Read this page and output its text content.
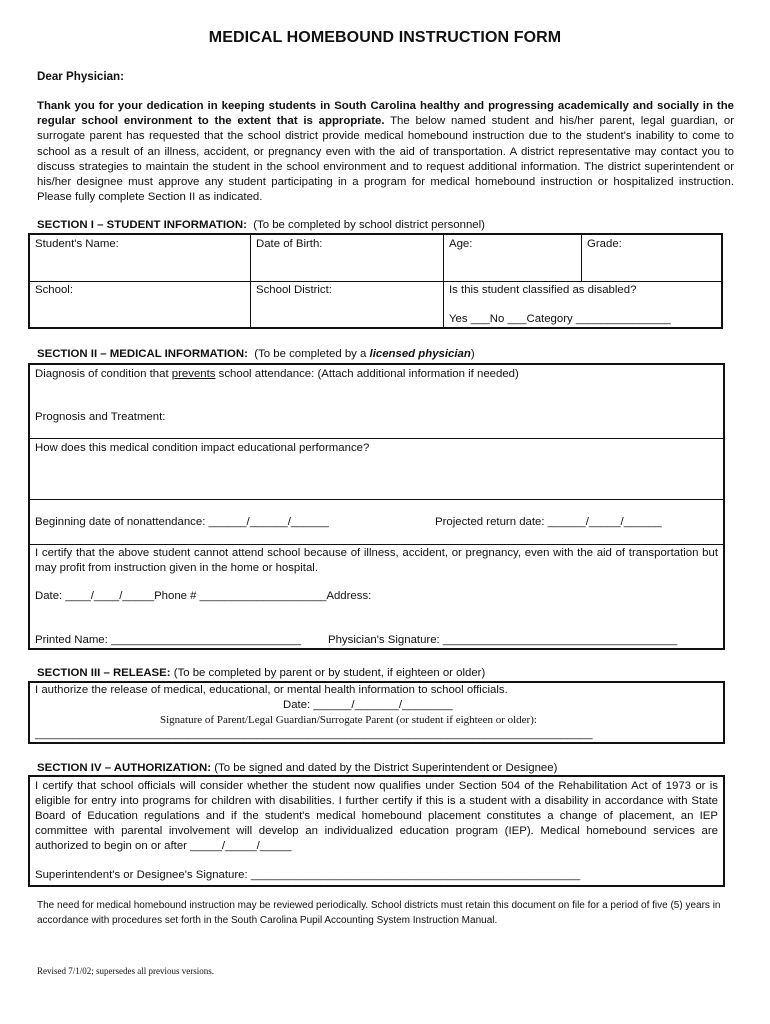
MEDICAL HOMEBOUND INSTRUCTION FORM
Dear Physician:
Thank you for your dedication in keeping students in South Carolina healthy and progressing academically and socially in the regular school environment to the extent that is appropriate. The below named student and his/her parent, legal guardian, or surrogate parent has requested that the school district provide medical homebound instruction due to the student's inability to come to school as a result of an illness, accident, or pregnancy even with the aid of transportation. A district representative may contact you to discuss strategies to maintain the student in the school environment and to request additional information. The district superintendent or his/her designee must approve any student participating in a program for medical homebound instruction or hospitalized instruction. Please fully complete Section II as indicated.
SECTION I – STUDENT INFORMATION: (To be completed by school district personnel)
Student's Name:	Date of Birth:	Age:	Grade:
School:	School District:	Is this student classified as disabled?
Yes ___No ___Category _______________
SECTION II – MEDICAL INFORMATION: (To be completed by a licensed physician)
Diagnosis of condition that prevents school attendance: (Attach additional information if needed)
Prognosis and Treatment:
How does this medical condition impact educational performance?
Beginning date of nonattendance: ______/______/______	Projected return date: ______/_____/______
I certify that the above student cannot attend school because of illness, accident, or pregnancy, even with the aid of transportation but may profit from instruction given in the home or hospital.
Date: ____/____/_____Phone # ____________________Address:
Printed Name: ______________________________ Physician's Signature: _____________________________________
SECTION III – RELEASE: (To be completed by parent or by student, if eighteen or older)
I authorize the release of medical, educational, or mental health information to school officials.
Date: ______/_______/________
Signature of Parent/Legal Guardian/Surrogate Parent (or student if eighteen or older):
________________________________________________________________________________________
SECTION IV – AUTHORIZATION: (To be signed and dated by the District Superintendent or Designee)
I certify that school officials will consider whether the student now qualifies under Section 504 of the Rehabilitation Act of 1973 or is eligible for entry into programs for children with disabilities. I further certify if this is a student with a disability in accordance with State Board of Education regulations and if the student's medical homebound placement constitutes a change of placement, an IEP committee with parental involvement will develop an individualized education program (IEP). Medical homebound services are authorized to begin on or after _____/_____/_____
Superintendent's or Designee's Signature: ____________________________________________________
The need for medical homebound instruction may be reviewed periodically. School districts must retain this document on file for a period of five (5) years in accordance with procedures set forth in the South Carolina Pupil Accounting System Instruction Manual.
Revised 7/1/02; supersedes all previous versions.
